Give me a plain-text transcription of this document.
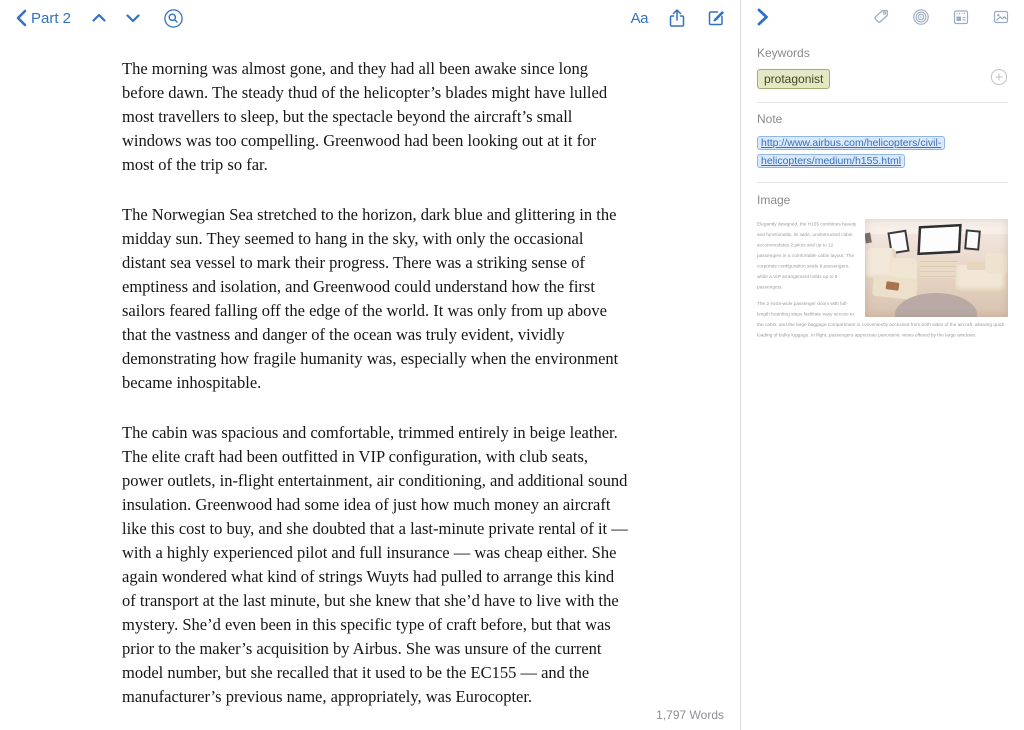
Part 2	Aa

The morning was almost gone, and they had all been awake since long before dawn. The steady thud of the helicopter’s blades might have lulled most travellers to sleep, but the spectacle beyond the aircraft’s small windows was too compelling. Greenwood had been looking out at it for most of the trip so far.

The Norwegian Sea stretched to the horizon, dark blue and glittering in the midday sun. They seemed to hang in the sky, with only the occasional distant sea vessel to mark their progress. There was a striking sense of emptiness and isolation, and Greenwood could understand how the first sailors feared falling off the edge of the world. It was only from up above that the vastness and danger of the ocean was truly evident, vividly demonstrating how fragile humanity was, especially when the environment became inhospitable.

The cabin was spacious and comfortable, trimmed entirely in beige leather. The elite craft had been outfitted in VIP configuration, with club seats, power outlets, in-flight entertainment, air conditioning, and additional sound insulation. Greenwood had some idea of just how much money an aircraft like this cost to buy, and she doubted that a last-minute private rental of it — with a highly experienced pilot and full insurance — was cheap either. She again wondered what kind of strings Wuyts had pulled to arrange this kind of transport at the last minute, but she knew that she’d have to live with the mystery. She’d even been in this specific type of craft before, but that was prior to the maker’s acquisition by Airbus. She was unsure of the current model number, but she recalled that it used to be the EC155 — and the manufacturer’s previous name, appropriately, was Eurocopter.

1,797 Words
Keywords
protagonist
Note
http://www.airbus.com/helicopters/civil-helicopters/medium/h155.html
Image
Elegantly designed, the H155 combines beauty and functionality. Its wide, unobstructed cabin accommodates 2 pilots and up to 12 passengers in a comfortable cabin layout. The corporate configuration seats 9 passengers, while a VIP arrangement holds up to 8 passengers.
The 2 extra-wide passenger doors with full-length boarding steps facilitate easy access to the cabin, and the large baggage compartment is conveniently accessed from both sides of the aircraft, allowing quick loading of bulky luggage. In flight, passengers appreciate panoramic views offered by the large windows.
